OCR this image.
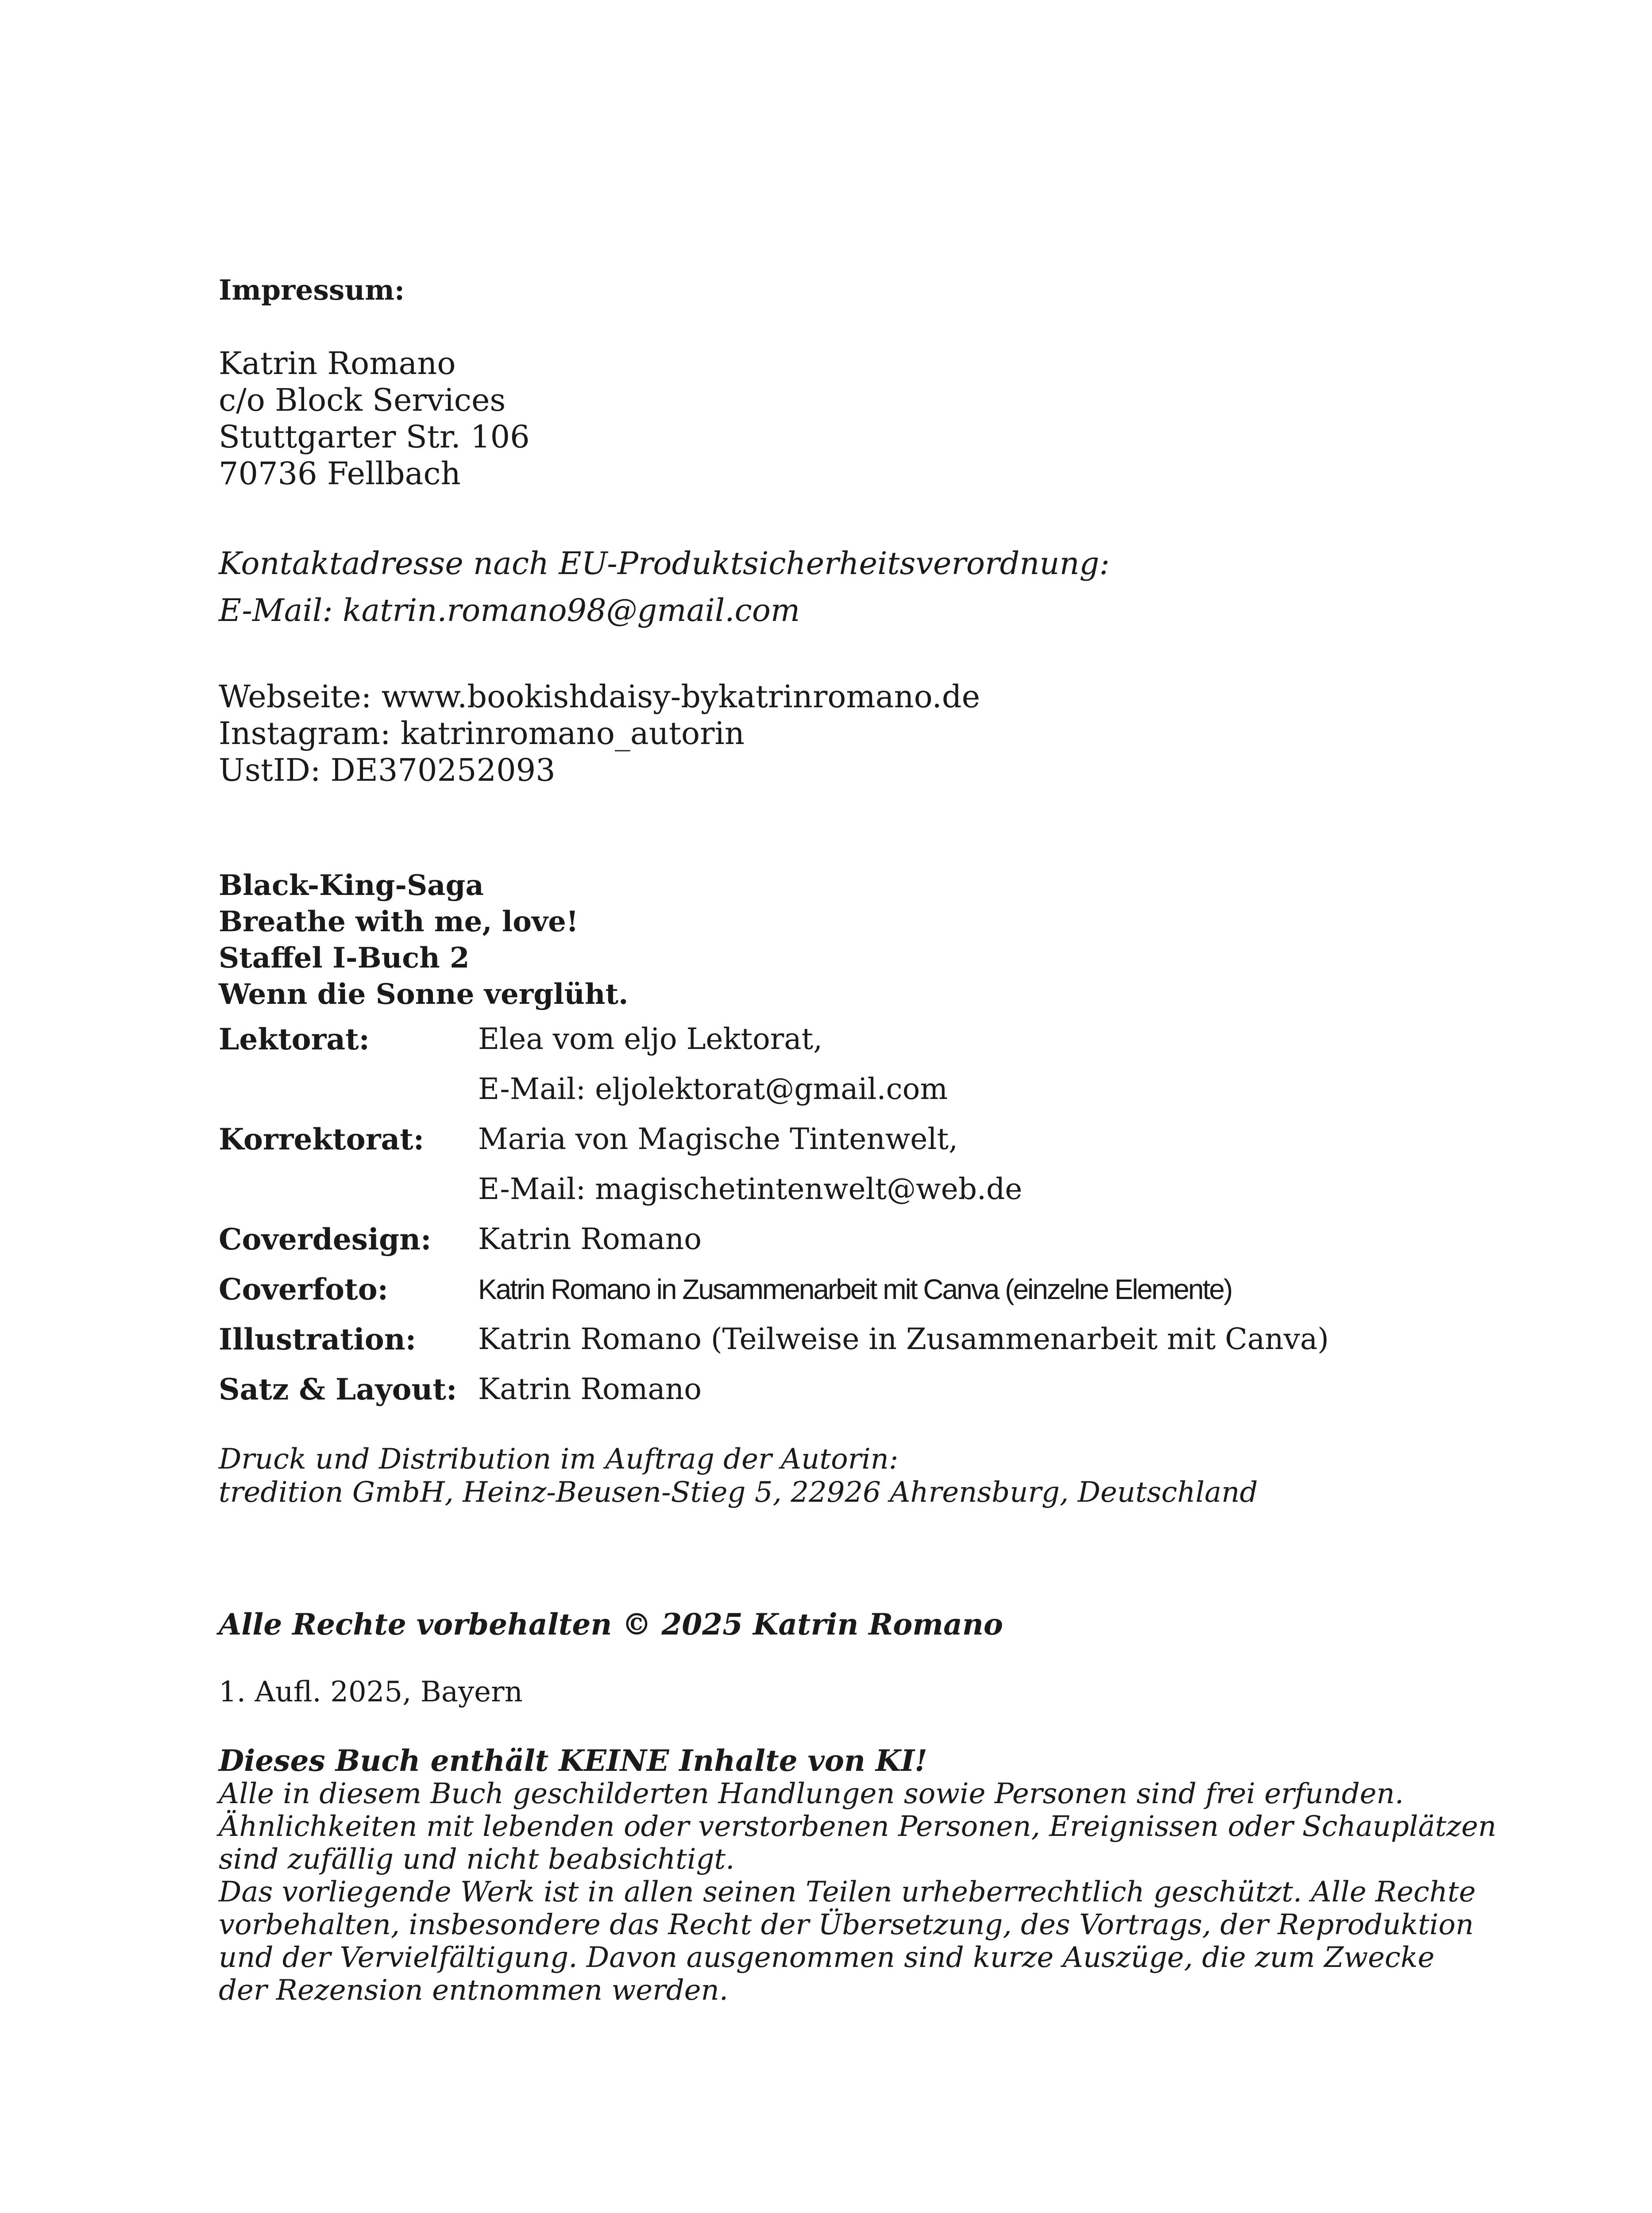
Impressum:

Katrin Romano
c/o Block Services
Stuttgarter Str. 106
70736 Fellbach
Kontaktadresse nach EU-Produktsicherheitsverordnung:
E-Mail: katrin.romano98@gmail.com
Webseite: www.bookishdaisy-bykatrinromano.de
Instagram: katrinromano_autorin
UstID: DE370252093
Black-King-Saga
Breathe with me, love!
Staffel I-Buch 2
Wenn die Sonne verglüht.
Lektorat:	Elea vom eljo Lektorat,
E-Mail: eljolektorat@gmail.com
Korrektorat: Maria von Magische Tintenwelt,
E-Mail: magischetintenwelt@web.de
Coverdesign: Katrin Romano
Coverfoto:	Katrin Romano in Zusammenarbeit mit Canva (einzelne Elemente)
Illustration: Katrin Romano (Teilweise in Zusammenarbeit mit Canva)
Satz & Layout: Katrin Romano
Druck und Distribution im Auftrag der Autorin:
tredition GmbH, Heinz-Beusen-Stieg 5, 22926 Ahrensburg, Deutschland

Alle Rechte vorbehalten © 2025 Katrin Romano

1. Aufl. 2025, Bayern

Dieses Buch enthält KEINE Inhalte von KI!
Alle in diesem Buch geschilderten Handlungen sowie Personen sind frei erfunden.
Ähnlichkeiten mit lebenden oder verstorbenen Personen, Ereignissen oder Schauplätzen
sind zufällig und nicht beabsichtigt.
Das vorliegende Werk ist in allen seinen Teilen urheberrechtlich geschützt. Alle Rechte
vorbehalten, insbesondere das Recht der Übersetzung, des Vortrags, der Reproduktion
und der Vervielfältigung. Davon ausgenommen sind kurze Auszüge, die zum Zwecke
der Rezension entnommen werden.
